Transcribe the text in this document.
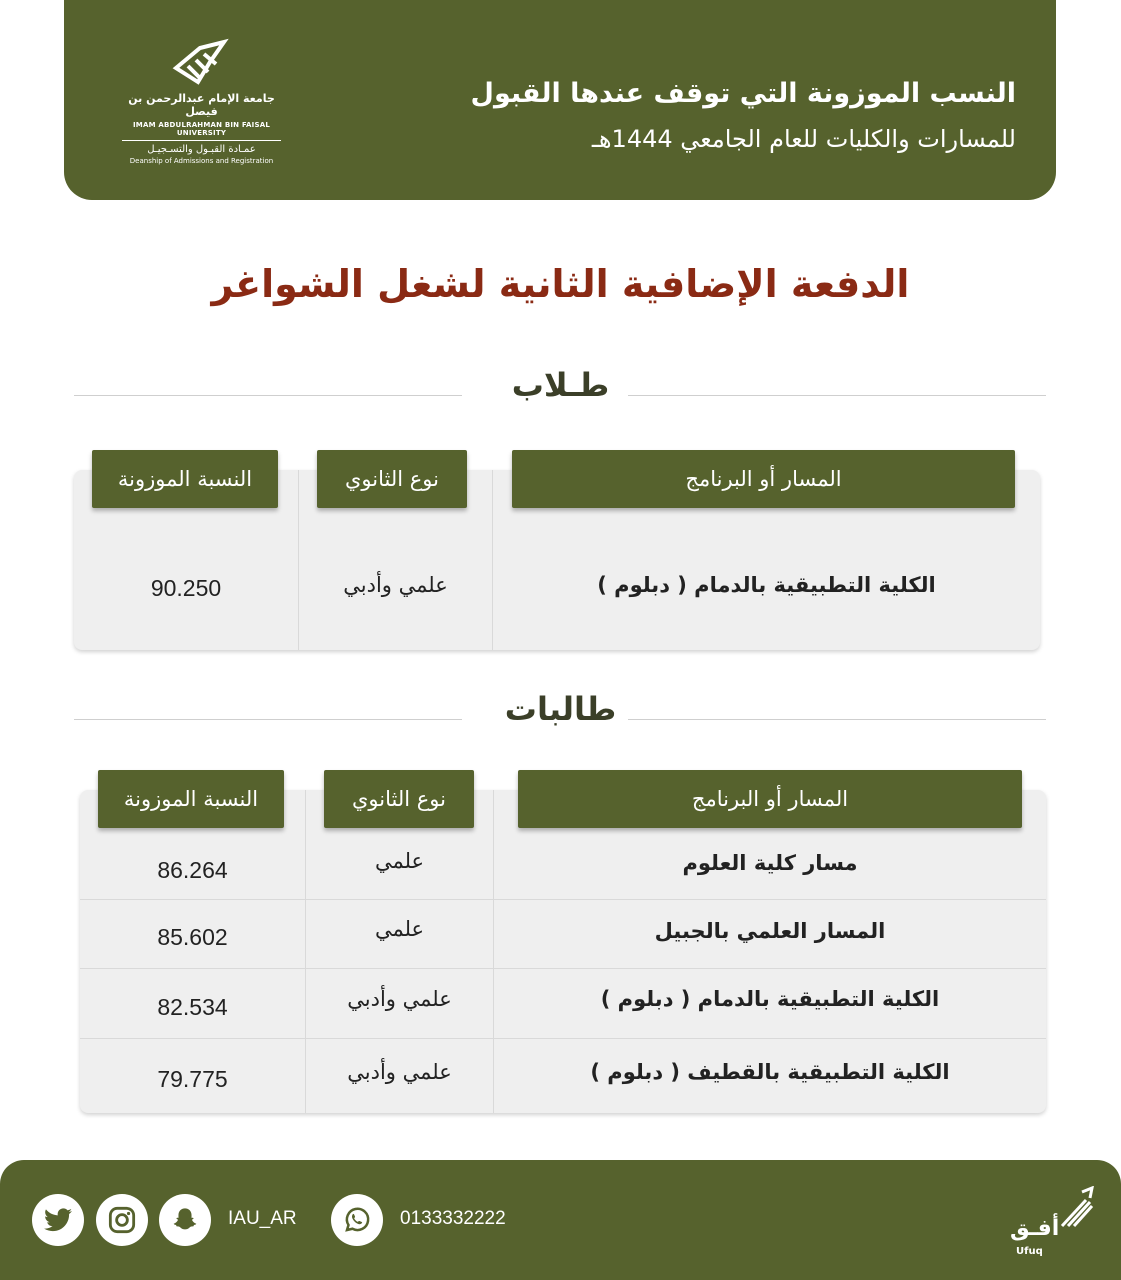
جامعة الإمام عبدالرحمن بن فيصل
IMAM ABDULRAHMAN BIN FAISAL UNIVERSITY
عمـادة القبـول والتسـجيـل
Deanship of Admissions and Registration
النسب الموزونة التي توقف عندها القبول
للمسارات والكليات للعام الجامعي 1444هـ
الدفعة الإضافية الثانية لشغل الشواغر
طـلاب
المسار أو البرنامج
نوع الثانوي
النسبة الموزونة
الكلية التطبيقية بالدمام ( دبلوم )
علمي وأدبي
90.250
طالبات
المسار أو البرنامج
نوع الثانوي
النسبة الموزونة
مسار كلية العلوم
علمي
86.264
المسار العلمي بالجبيل
علمي
85.602
الكلية التطبيقية بالدمام ( دبلوم )
علمي وأدبي
82.534
الكلية التطبيقية بالقطيف ( دبلوم )
علمي وأدبي
79.775
IAU_AR	0133332222	أفـق
Ufuq
